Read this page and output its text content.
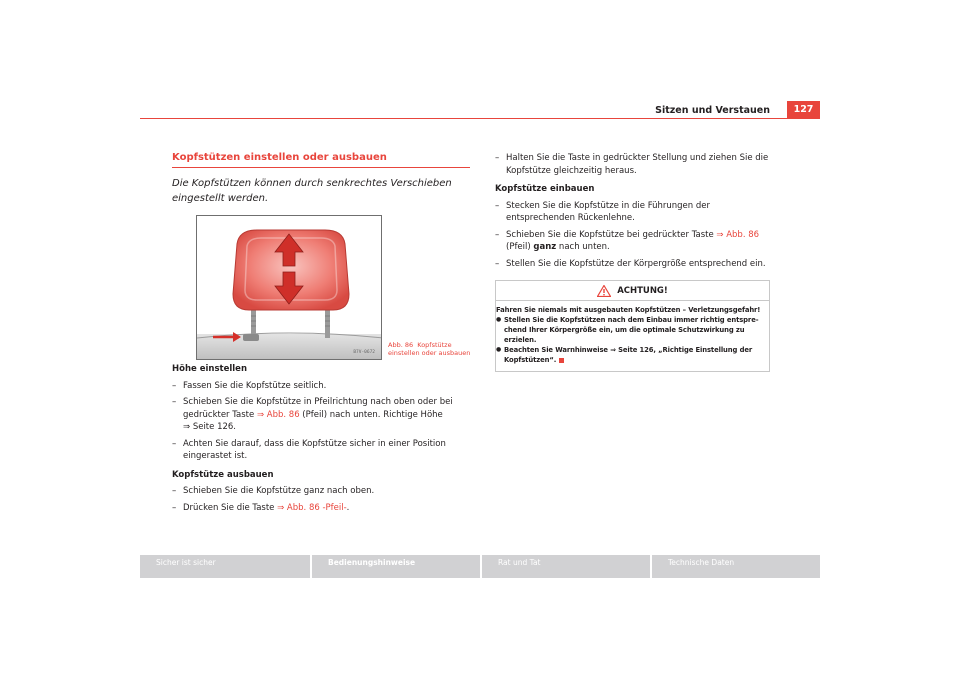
Sitzen und Verstauen	127
Kopfstützen einstellen oder ausbauen
Die Kopfstützen können durch senkrechtes Verschieben eingestellt werden.
B7V-0672
Abb. 86 Kopfstütze einstellen oder ausbauen
Höhe einstellen
– Fassen Sie die Kopfstütze seitlich.
– Schieben Sie die Kopfstütze in Pfeilrichtung nach oben oder bei gedrückter Taste ⇒ Abb. 86 (Pfeil) nach unten. Richtige Höhe
⇒ Seite 126.
– Achten Sie darauf, dass die Kopfstütze sicher in einer Position eingerastet ist.
Kopfstütze ausbauen
– Schieben Sie die Kopfstütze ganz nach oben.
– Drücken Sie die Taste ⇒ Abb. 86 -Pfeil-.
– Halten Sie die Taste in gedrückter Stellung und ziehen Sie die Kopfstütze gleichzeitig heraus.
Kopfstütze einbauen
– Stecken Sie die Kopfstütze in die Führungen der entsprechenden Rückenlehne.
– Schieben Sie die Kopfstütze bei gedrückter Taste ⇒ Abb. 86 (Pfeil) ganz nach unten.
– Stellen Sie die Kopfstütze der Körpergröße entsprechend ein.
ACHTUNG!
Fahren Sie niemals mit ausgebauten Kopfstützen – Verletzungsgefahr!
● Stellen Sie die Kopfstützen nach dem Einbau immer richtig entspre-chend Ihrer Körpergröße ein, um die optimale Schutzwirkung zu erzielen.
● Beachten Sie Warnhinweise ⇒ Seite 126, „Richtige Einstellung der Kopfstützen“.
Sicher ist sicher	Bedienungshinweise	Rat und Tat	Technische Daten
